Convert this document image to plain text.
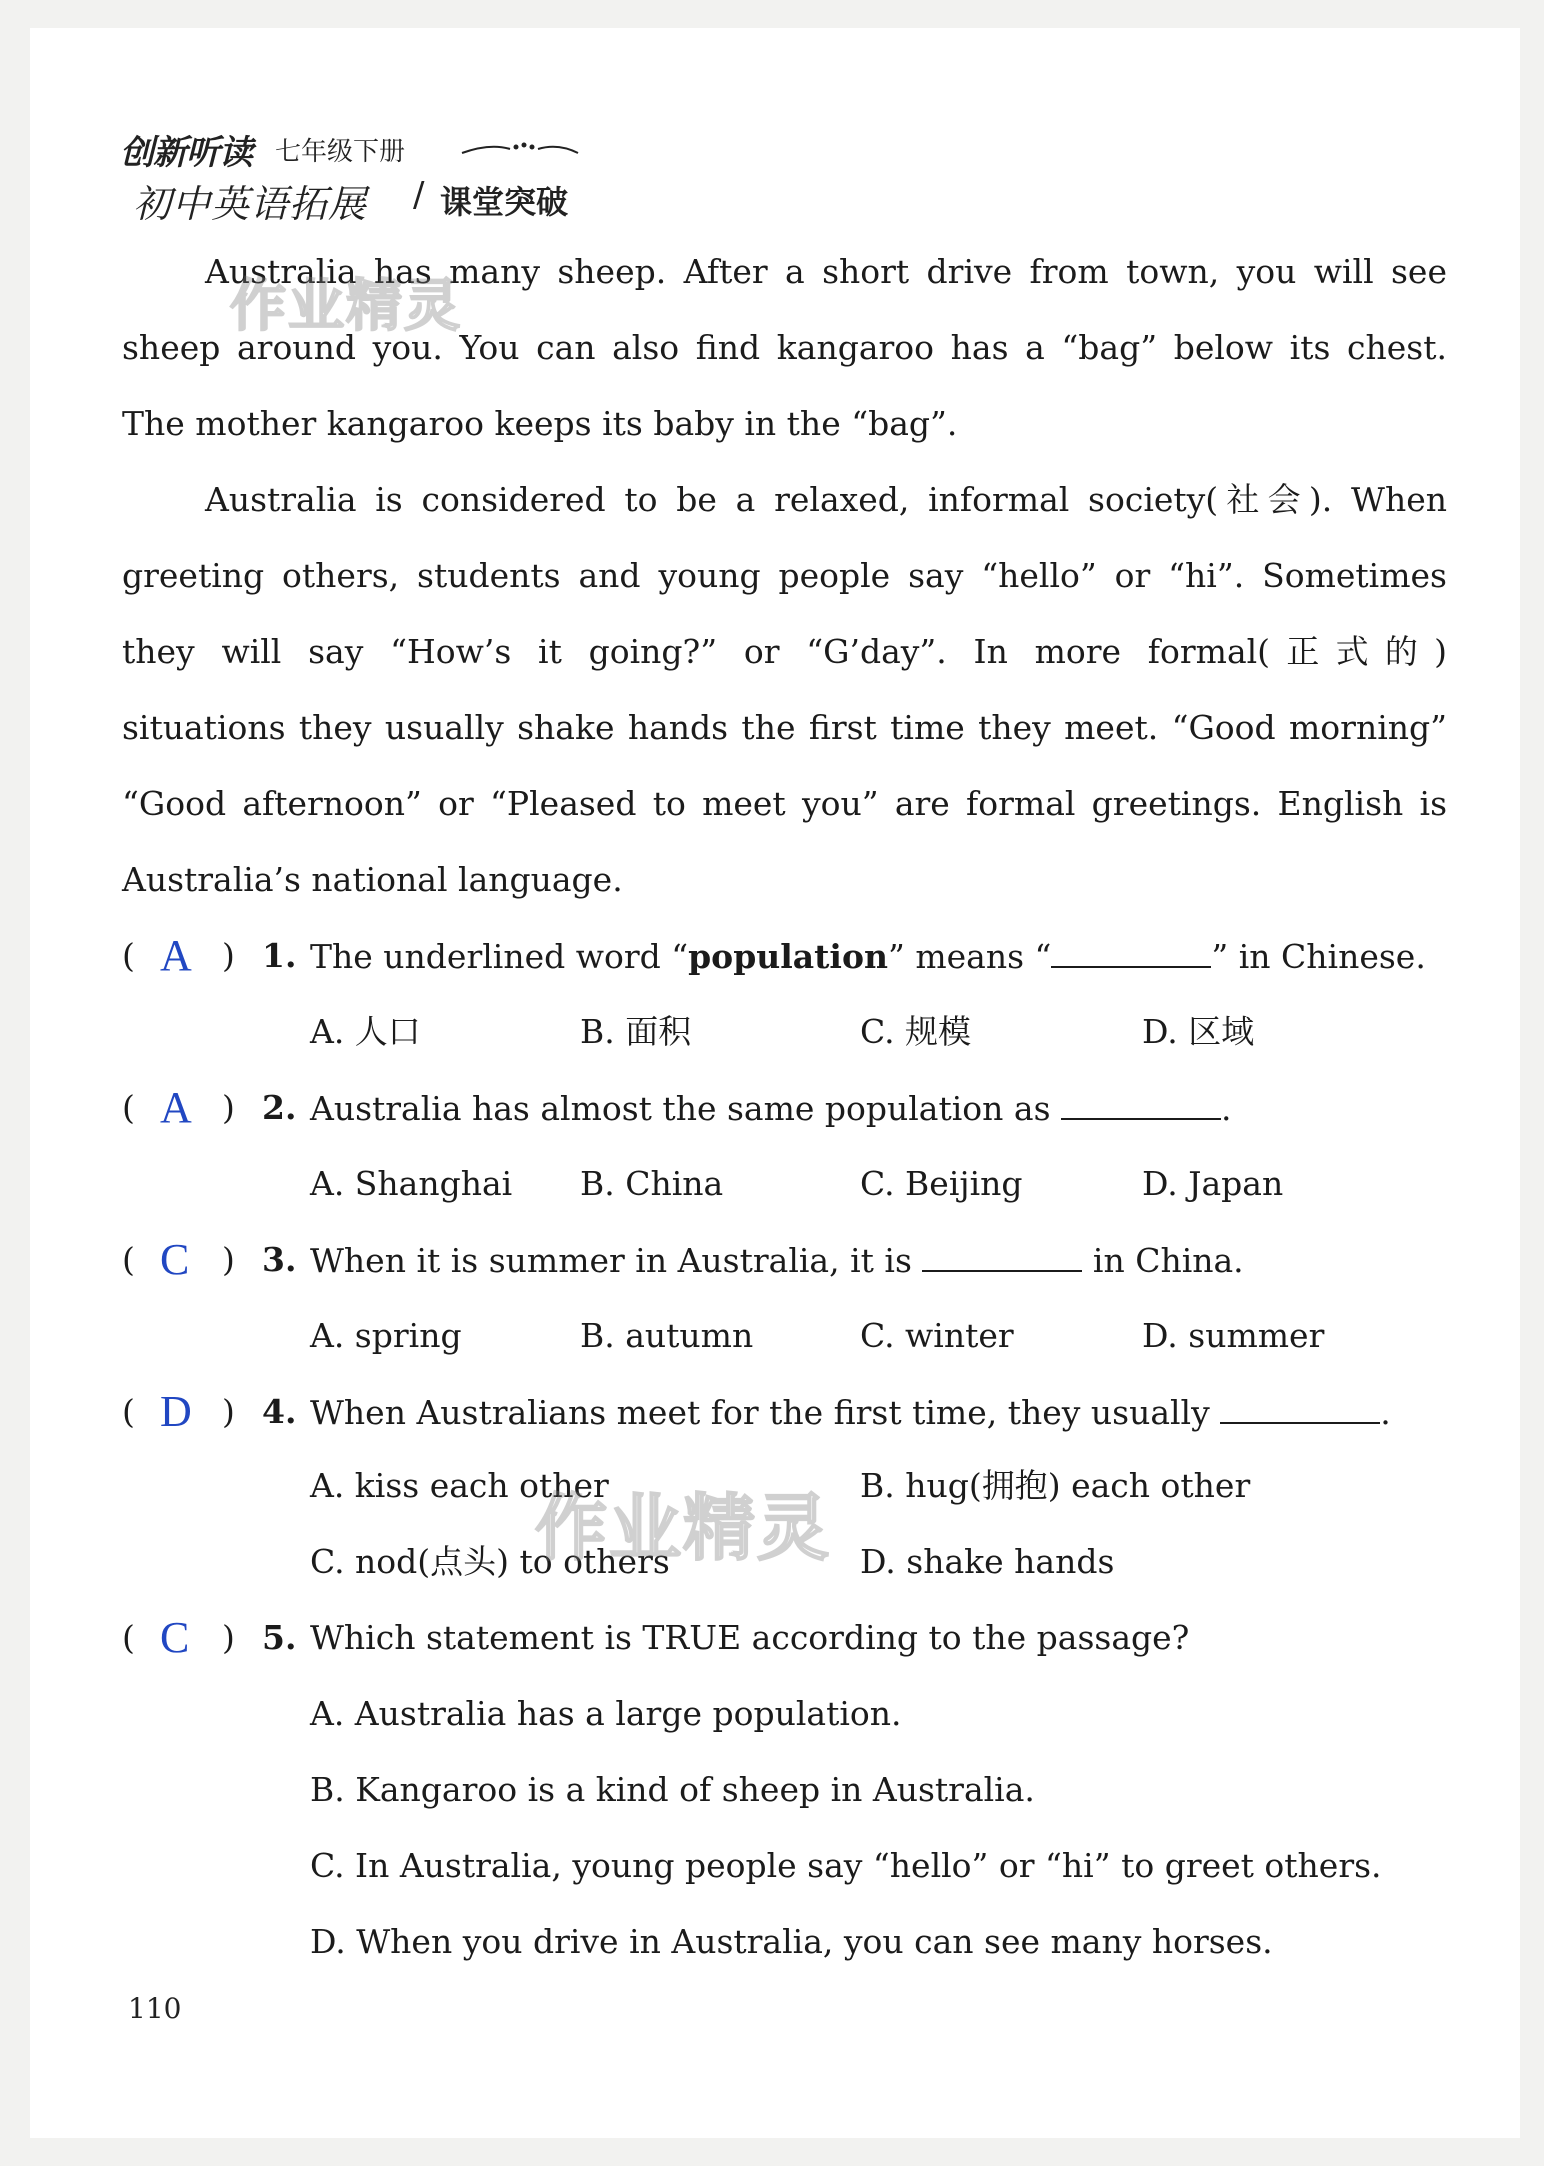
创新听读 七年级下册
初中英语拓展 / 课堂突破
Australia has many sheep. After a short drive from town, you will see
sheep around you. You can also find kangaroo has a “bag” below its chest.
The mother kangaroo keeps its baby in the “bag”.
Australia is considered to be a relaxed, informal society(社会). When
greeting others, students and young people say “hello” or “hi”. Sometimes
they will say “How’s it going?” or “G’day”. In more formal(正式的)
situations they usually shake hands the first time they meet. “Good morning”
“Good afternoon” or “Pleased to meet you” are formal greetings. English is
Australia’s national language.
( A ) 1. The underlined word “population” means “	” in Chinese.
A. 人口	B. 面积	C. 规模	D. 区域
( A ) 2. Australia has almost the same population as	.
A. Shanghai B. China	C. Beijing	D. Japan
( C ) 3. When it is summer in Australia, it is	in China.
A. spring	B. autumn	C. winter	D. summer
( D ) 4. When Australians meet for the first time, they usually	.
A. kiss each other	B. hug(拥抱) each other
C. nod(点头) to others	D. shake hands
( C ) 5. Which statement is TRUE according to the passage?
A. Australia has a large population.
B. Kangaroo is a kind of sheep in Australia.
C. In Australia, young people say “hello” or “hi” to greet others.
D. When you drive in Australia, you can see many horses.
作业精灵
作业精灵
110
